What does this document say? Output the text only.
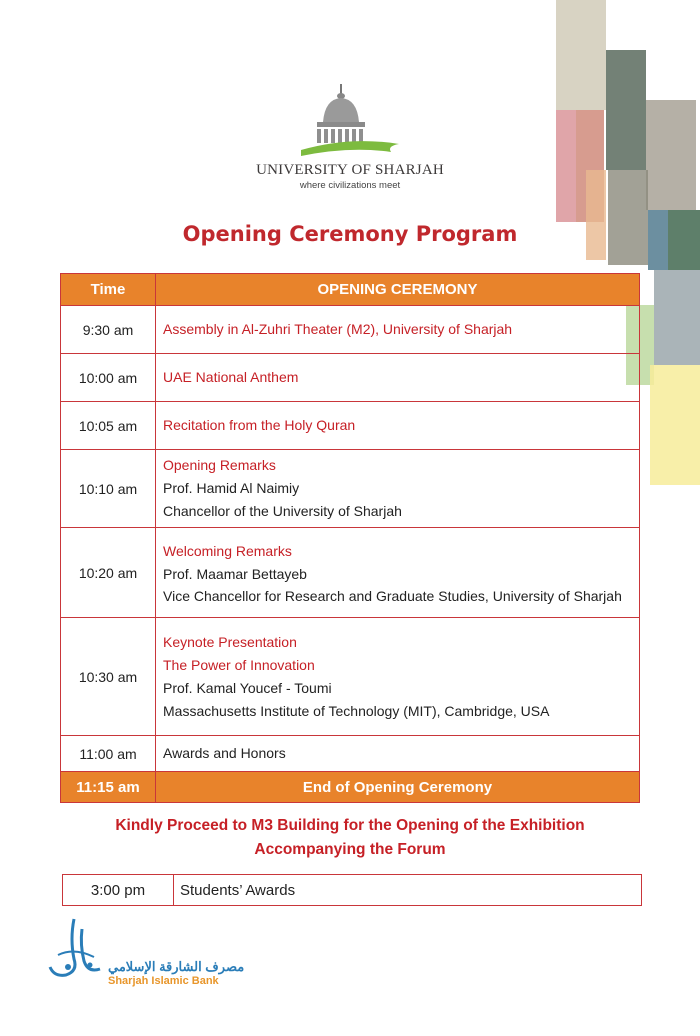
UNIVERSITY OF SHARJAH
where civilizations meet
Opening Ceremony Program
Time	OPENING CEREMONY
9:30 am	Assembly in Al-Zuhri Theater (M2), University of Sharjah

10:00 am	UAE National Anthem

10:05 am	Recitation from the Holy Quran

10:10 am	Opening Remarks
Prof. Hamid Al Naimiy
Chancellor of the University of Sharjah

10:20 am	Welcoming Remarks
Prof. Maamar Bettayeb
Vice Chancellor for Research and Graduate Studies, University of Sharjah

10:30 am	Keynote Presentation
The Power of Innovation
Prof. Kamal Youcef - Toumi
Massachusetts Institute of Technology (MIT), Cambridge, USA

11:00 am	Awards and Honors

11:15 am	End of Opening Ceremony
Kindly Proceed to M3 Building for the Opening of the Exhibition
Accompanying the Forum
3:00 pm	Students’ Awards
مصرف الشارقة الإسلامي
Sharjah Islamic Bank
